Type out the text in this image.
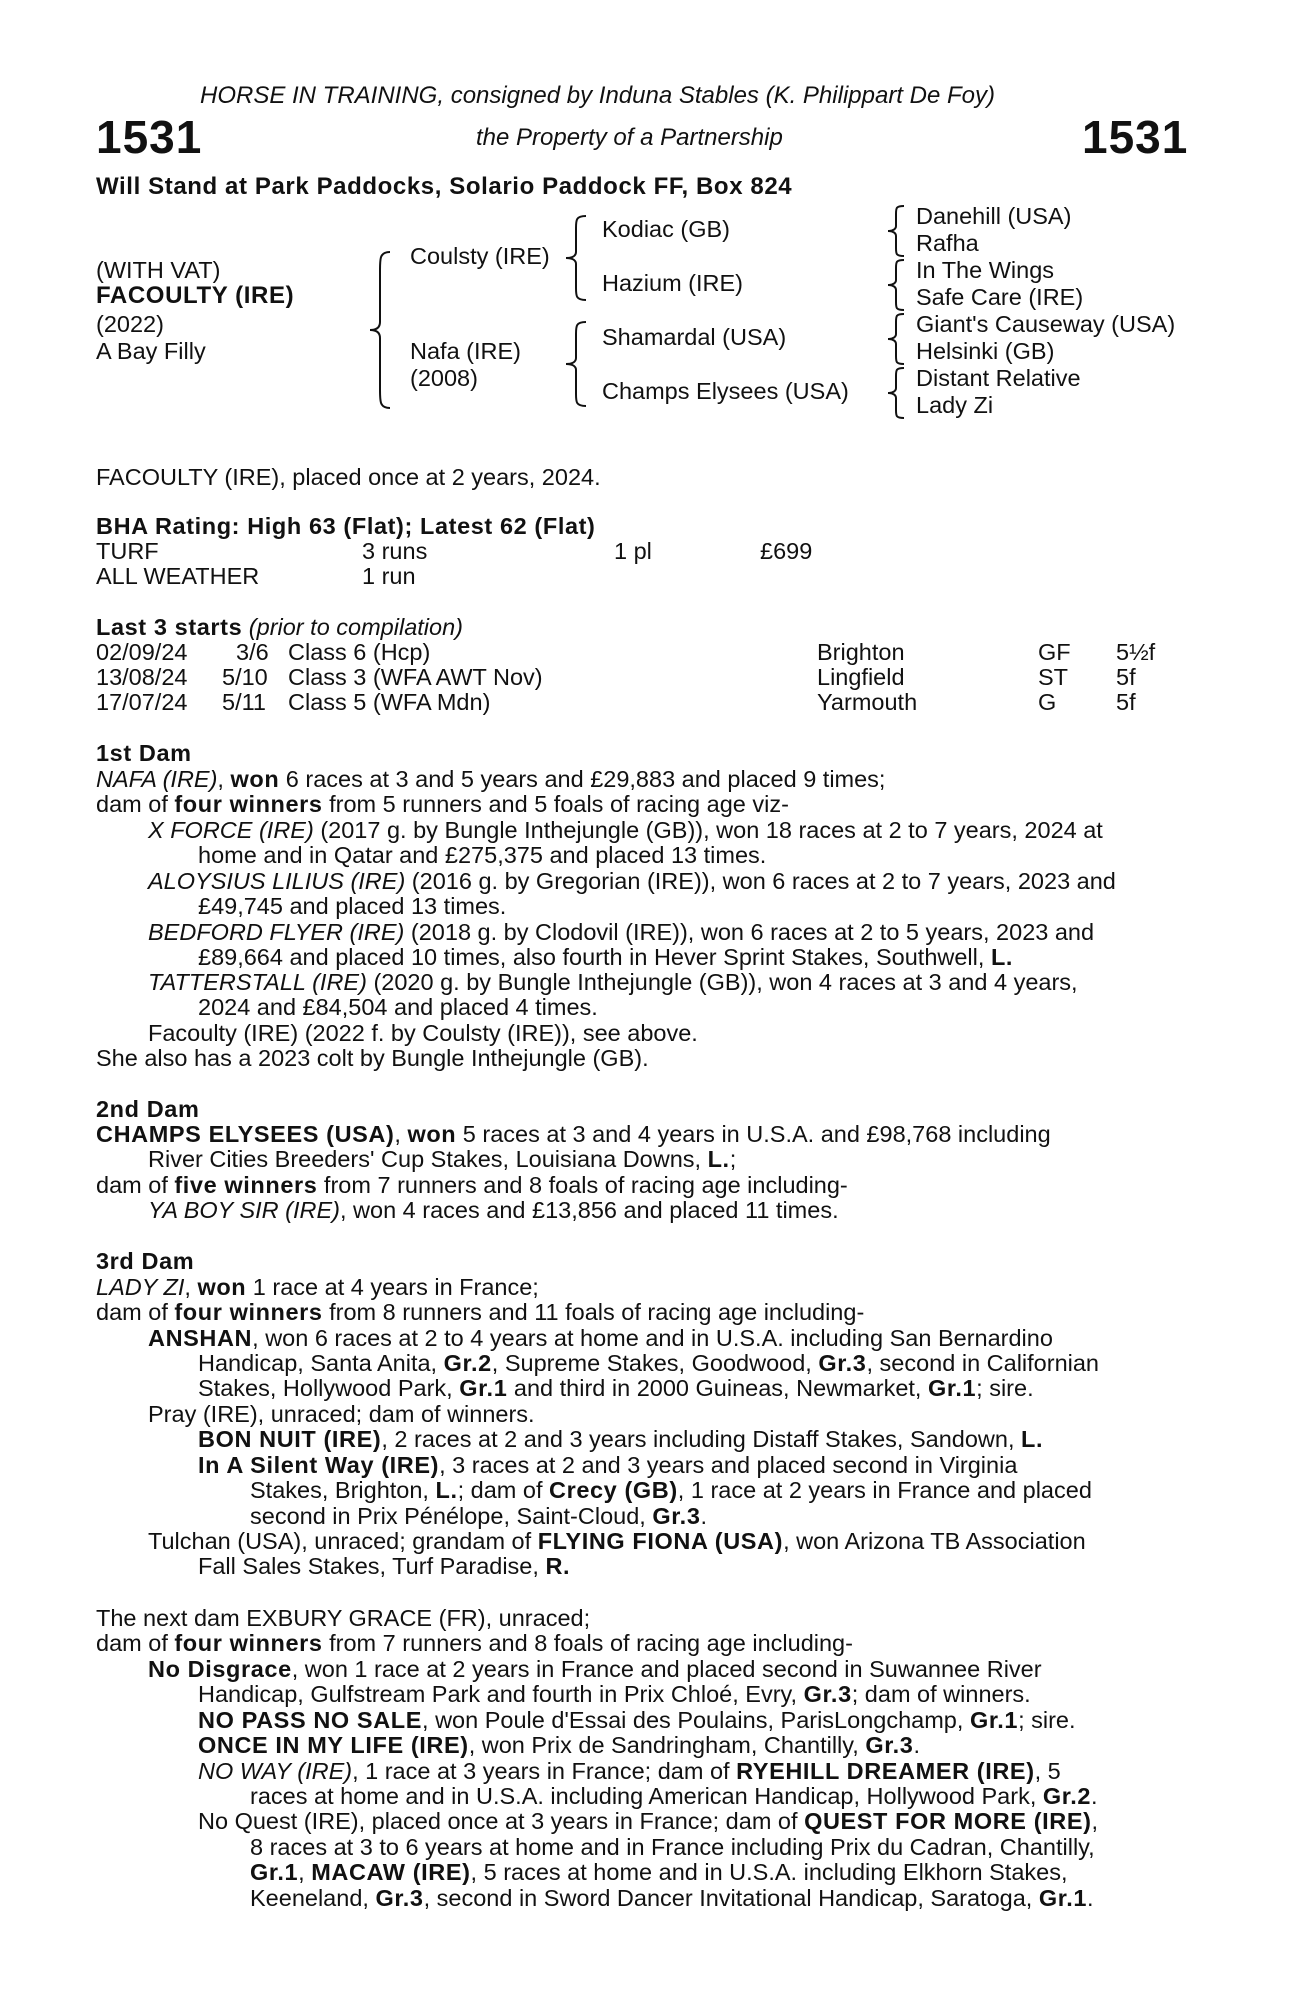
HORSE IN TRAINING, consigned by Induna Stables (K. Philippart De Foy)
1531	the Property of a Partnership	1531
Will Stand at Park Paddocks, Solario Paddock FF, Box 824
(WITH VAT)
FACOULTY (IRE)
(2022)
A Bay Filly
Coulsty (IRE)
Nafa (IRE)
(2008)
Kodiac (GB)
Hazium (IRE)
Shamardal (USA)
Champs Elysees (USA)
Danehill (USA)
Rafha
In The Wings
Safe Care (IRE)
Giant's Causeway (USA)
Helsinki (GB)
Distant Relative
Lady Zi
FACOULTY (IRE), placed once at 2 years, 2024.
BHA Rating: High 63 (Flat); Latest 62 (Flat)
TURF	3 runs	1 pl	£699
ALL WEATHER	1 run
Last 3 starts (prior to compilation)
02/09/24 3/6 Class 6 (Hcp)	Brighton	GF 5½f
13/08/24 5/10 Class 3 (WFA AWT Nov)	Lingfield	ST 5f
17/07/24 5/11 Class 5 (WFA Mdn)	Yarmouth	G	5f
1st Dam
NAFA (IRE), won 6 races at 3 and 5 years and £29,883 and placed 9 times;
dam of four winners from 5 runners and 5 foals of racing age viz-
X FORCE (IRE) (2017 g. by Bungle Inthejungle (GB)), won 18 races at 2 to 7 years, 2024 at
home and in Qatar and £275,375 and placed 13 times.
ALOYSIUS LILIUS (IRE) (2016 g. by Gregorian (IRE)), won 6 races at 2 to 7 years, 2023 and
£49,745 and placed 13 times.
BEDFORD FLYER (IRE) (2018 g. by Clodovil (IRE)), won 6 races at 2 to 5 years, 2023 and
£89,664 and placed 10 times, also fourth in Hever Sprint Stakes, Southwell, L.
TATTERSTALL (IRE) (2020 g. by Bungle Inthejungle (GB)), won 4 races at 3 and 4 years,
2024 and £84,504 and placed 4 times.
Facoulty (IRE) (2022 f. by Coulsty (IRE)), see above.
She also has a 2023 colt by Bungle Inthejungle (GB).
2nd Dam
CHAMPS ELYSEES (USA), won 5 races at 3 and 4 years in U.S.A. and £98,768 including
River Cities Breeders' Cup Stakes, Louisiana Downs, L.;
dam of five winners from 7 runners and 8 foals of racing age including-
YA BOY SIR (IRE), won 4 races and £13,856 and placed 11 times.
3rd Dam
LADY ZI, won 1 race at 4 years in France;
dam of four winners from 8 runners and 11 foals of racing age including-
ANSHAN, won 6 races at 2 to 4 years at home and in U.S.A. including San Bernardino
Handicap, Santa Anita, Gr.2, Supreme Stakes, Goodwood, Gr.3, second in Californian
Stakes, Hollywood Park, Gr.1 and third in 2000 Guineas, Newmarket, Gr.1; sire.
Pray (IRE), unraced; dam of winners.
BON NUIT (IRE), 2 races at 2 and 3 years including Distaff Stakes, Sandown, L.
In A Silent Way (IRE), 3 races at 2 and 3 years and placed second in Virginia
Stakes, Brighton, L.; dam of Crecy (GB), 1 race at 2 years in France and placed
second in Prix Pénélope, Saint-Cloud, Gr.3.
Tulchan (USA), unraced; grandam of FLYING FIONA (USA), won Arizona TB Association
Fall Sales Stakes, Turf Paradise, R.
The next dam EXBURY GRACE (FR), unraced;
dam of four winners from 7 runners and 8 foals of racing age including-
No Disgrace, won 1 race at 2 years in France and placed second in Suwannee River
Handicap, Gulfstream Park and fourth in Prix Chloé, Evry, Gr.3; dam of winners.
NO PASS NO SALE, won Poule d'Essai des Poulains, ParisLongchamp, Gr.1; sire.
ONCE IN MY LIFE (IRE), won Prix de Sandringham, Chantilly, Gr.3.
NO WAY (IRE), 1 race at 3 years in France; dam of RYEHILL DREAMER (IRE), 5
races at home and in U.S.A. including American Handicap, Hollywood Park, Gr.2.
No Quest (IRE), placed once at 3 years in France; dam of QUEST FOR MORE (IRE),
8 races at 3 to 6 years at home and in France including Prix du Cadran, Chantilly,
Gr.1, MACAW (IRE), 5 races at home and in U.S.A. including Elkhorn Stakes,
Keeneland, Gr.3, second in Sword Dancer Invitational Handicap, Saratoga, Gr.1.
